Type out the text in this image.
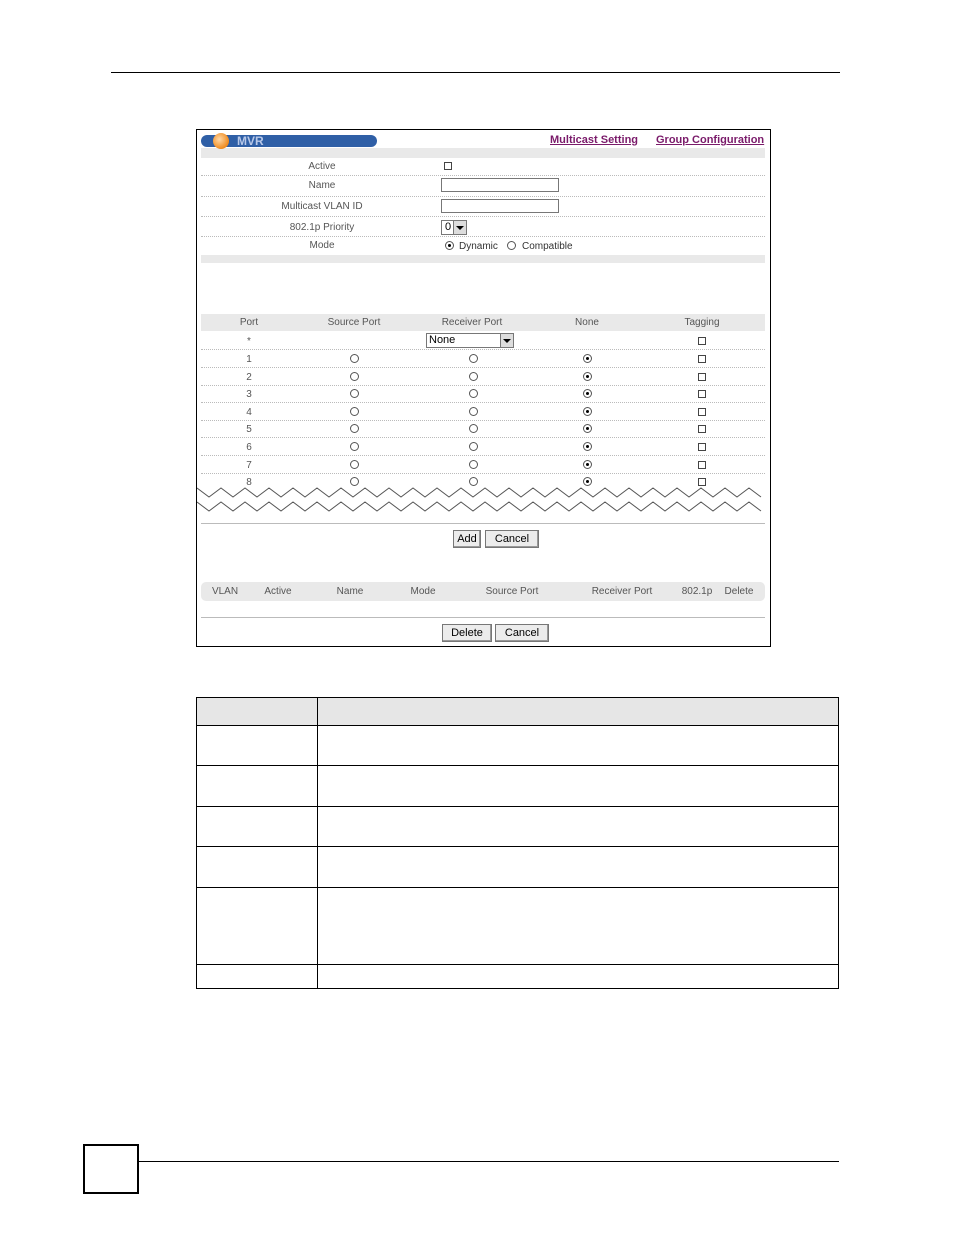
MVR	Multicast Setting Group Configuration
Active
Name
Multicast VLAN ID
802.1p Priority	0
Mode	Dynamic Compatible
Port	Source Port	Receiver Port	None	Tagging
*	None
1
2
3
4
5
6
7
8
Add	Cancel
VLAN	Active	Name	Mode	Source Port	Receiver Port	802.1p	Delete
Delete	Cancel
